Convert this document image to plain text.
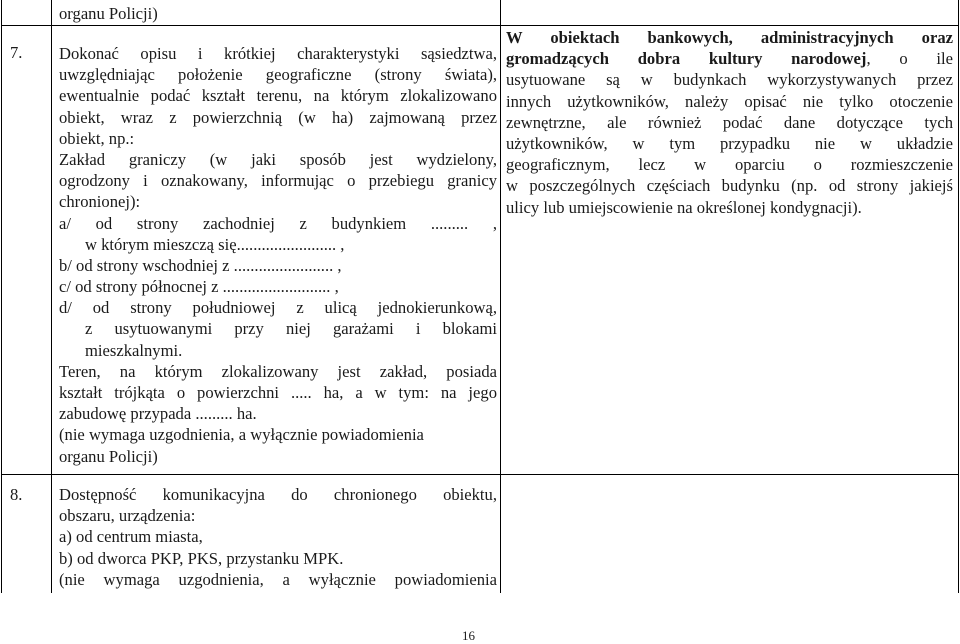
organu Policji)
7. Dokonać opisu i krótkiej charakterystyki sąsiedztwa,
uwzględniając położenie geograficzne (strony świata),
ewentualnie podać kształt terenu, na którym zlokalizowano
obiekt, wraz z powierzchnią (w ha) zajmowaną przez
obiekt, np.:
Zakład graniczy (w jaki sposób jest wydzielony,
ogrodzony i oznakowany, informując o przebiegu granicy
chronionej):
a/ od strony zachodniej z budynkiem ......... ,
w którym mieszczą się........................ ,
b/ od strony wschodniej z ........................ ,
c/ od strony północnej z .......................... ,
d/ od strony południowej z ulicą jednokierunkową,
z usytuowanymi przy niej garażami i blokami
mieszkalnymi.
Teren, na którym zlokalizowany jest zakład, posiada
kształt trójkąta o powierzchni ..... ha, a w tym: na jego
zabudowę przypada ......... ha.
(nie wymaga uzgodnienia, a wyłącznie powiadomienia
organu Policji)
W obiektach bankowych, administracyjnych oraz
gromadzących dobra kultury narodowej, o ile
usytuowane są w budynkach wykorzystywanych przez
innych użytkowników, należy opisać nie tylko otoczenie
zewnętrzne, ale również podać dane dotyczące tych
użytkowników, w tym przypadku nie w układzie
geograficznym, lecz w oparciu o rozmieszczenie
w poszczególnych częściach budynku (np. od strony jakiejś
ulicy lub umiejscowienie na określonej kondygnacji).
8. Dostępność komunikacyjna do chronionego obiektu,
obszaru, urządzenia:
a) od centrum miasta,
b) od dworca PKP, PKS, przystanku MPK.
(nie wymaga uzgodnienia, a wyłącznie powiadomienia
16
